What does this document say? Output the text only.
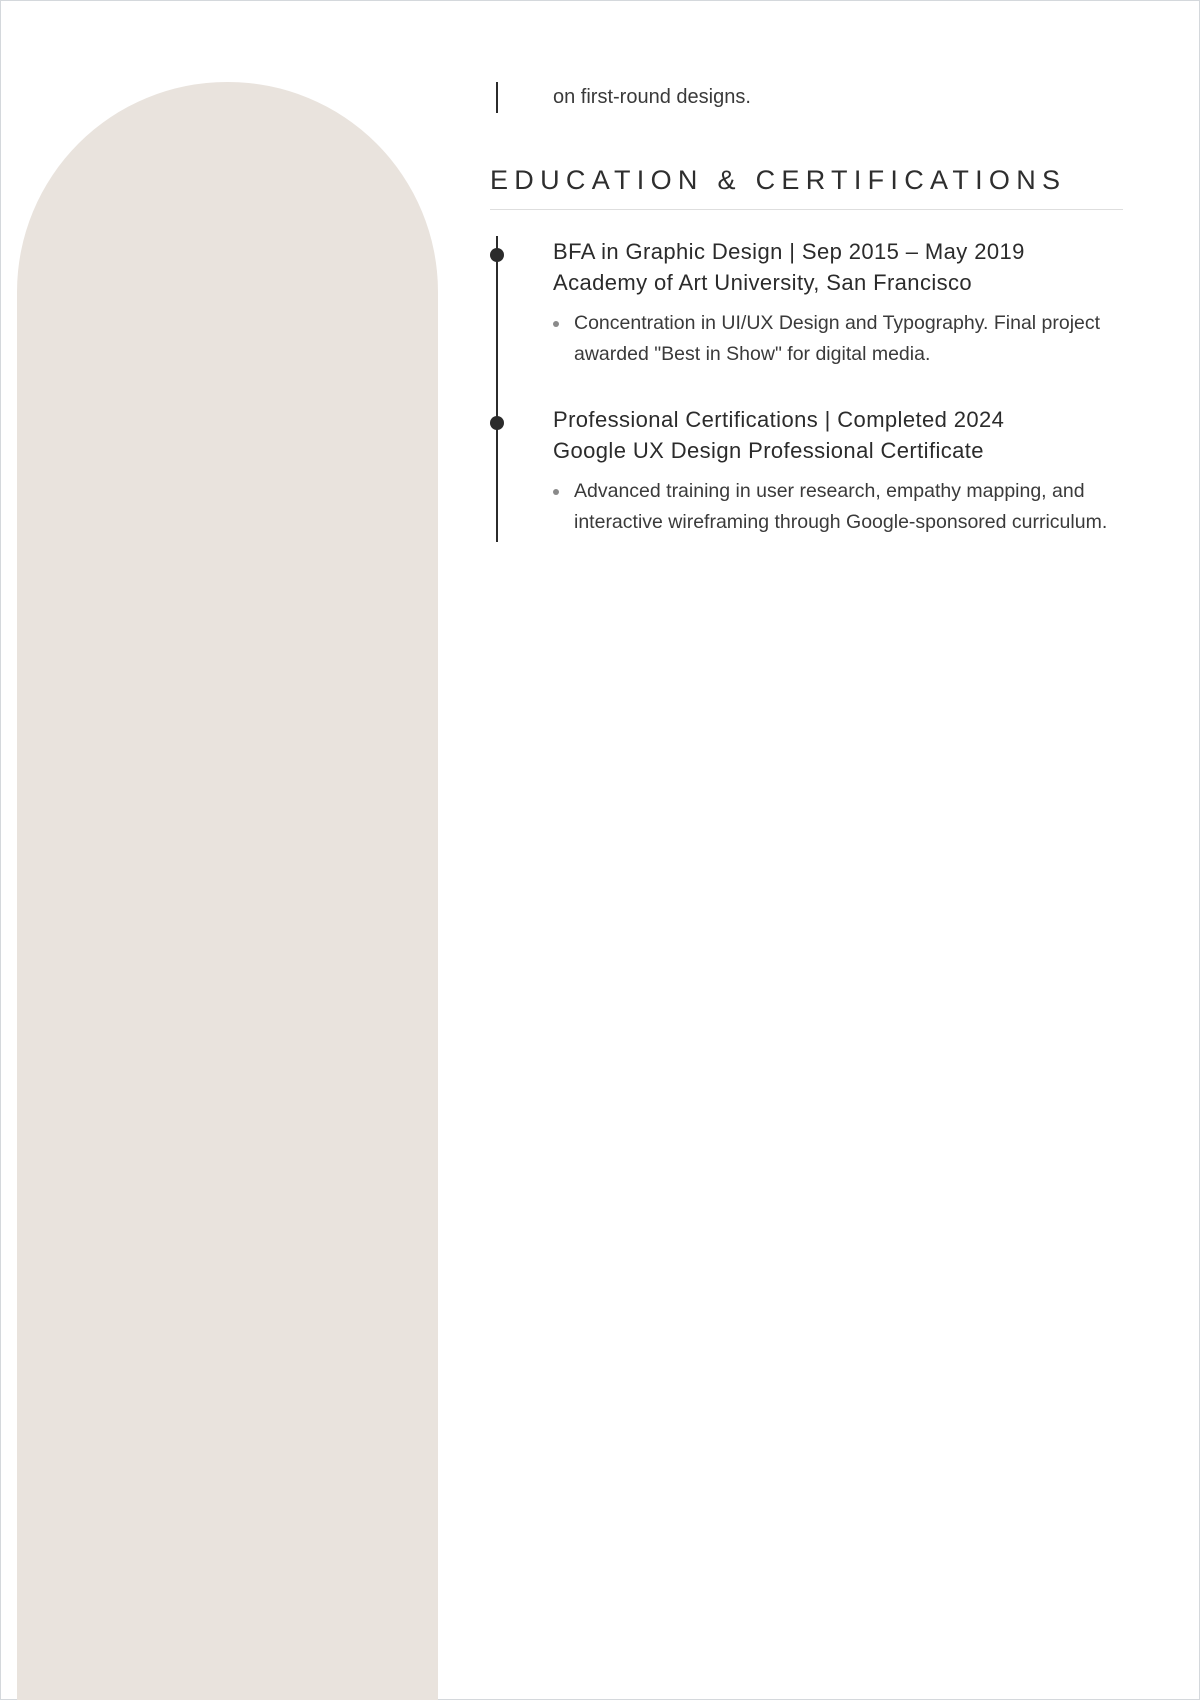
on first-round designs.

EDUCATION & CERTIFICATIONS
BFA in Graphic Design | Sep 2015 – May 2019
Academy of Art University, San Francisco
Concentration in UI/UX Design and Typography. Final project awarded "Best in Show" for digital media.
Professional Certifications | Completed 2024
Google UX Design Professional Certificate
Advanced training in user research, empathy mapping, and interactive wireframing through Google-sponsored curriculum.
